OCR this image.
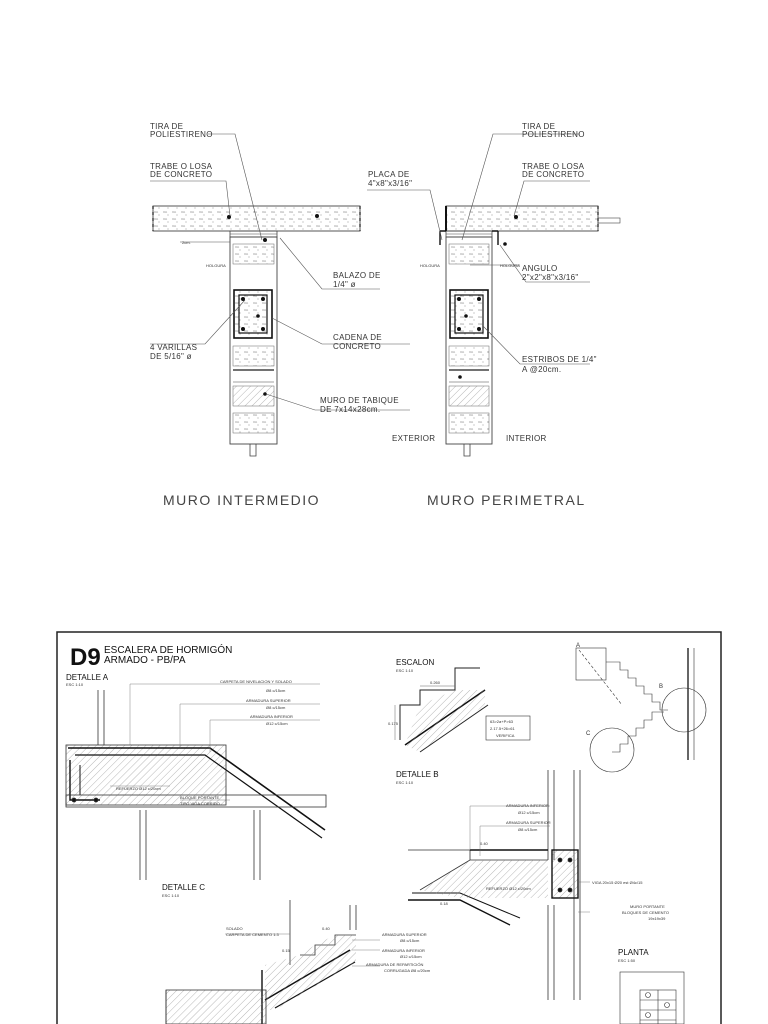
HOLGURA
2cm.
TIRA DE
POLIESTIRENO
TRABE O LOSA
DE CONCRETO
BALAZO DE
1/4" ø
CADENA DE
CONCRETO
4 VARILLAS
DE 5/16" ø
MURO DE TABIQUE
DE 7x14x28cm.
HOLGURA	HOLGURA
TIRA DE
POLIESTIRENO
TRABE O LOSA
DE CONCRETO
PLACA DE
4"x8"x3/16"
ANGULO
2"x2"x8"x3/16"
ESTRIBOS DE 1/4"
A @20cm.
EXTERIOR	INTERIOR
MURO INTERMEDIO	MURO PERIMETRAL
D9 ESCALERA DE HORMIGÓN
ARMADO - PB/PA
DETALLE A
ESC 1:10
CARPETA DE NIVELACION Y SOLADO
Ø8 c/15cm
ARMADURA SUPERIOR
Ø8 c/15cm
ARMADURA INFERIOR
Ø12 c/15cm
REFUERZO Ø12 c/20cm
BLOQUE PORTANTE
TIPO VIGA CORRIDO
ESCALON
ESC 1:10
0.260
0.175	63>2a+P>63
2.17.5+26=61
VERIFICA
A
B
C
DETALLE B
ESC 1:10
ARMADURA INFERIOR
Ø12 c/15cm
ARMADURA SUPERIOR
Ø8 c/15cm
REFUERZO Ø12 c/20cm
VIGA 20x15 Ø20 est Ø4c/15
MURO PORTANTE
BLOQUES DE CEMENTO
19x19x39
0.40
0.18
DETALLE C
ESC 1:10
SOLADO
CARPETA DE CEMENTO 1:3	ARMADURA SUPERIOR
Ø8 c/15cm
ARMADURA INFERIOR
Ø12 c/15cm
ARMADURA DE REPARTICIÓN
CORRUGADA Ø8 c/20cm
0.40
0.15	PLANTA
ESC 1:50
